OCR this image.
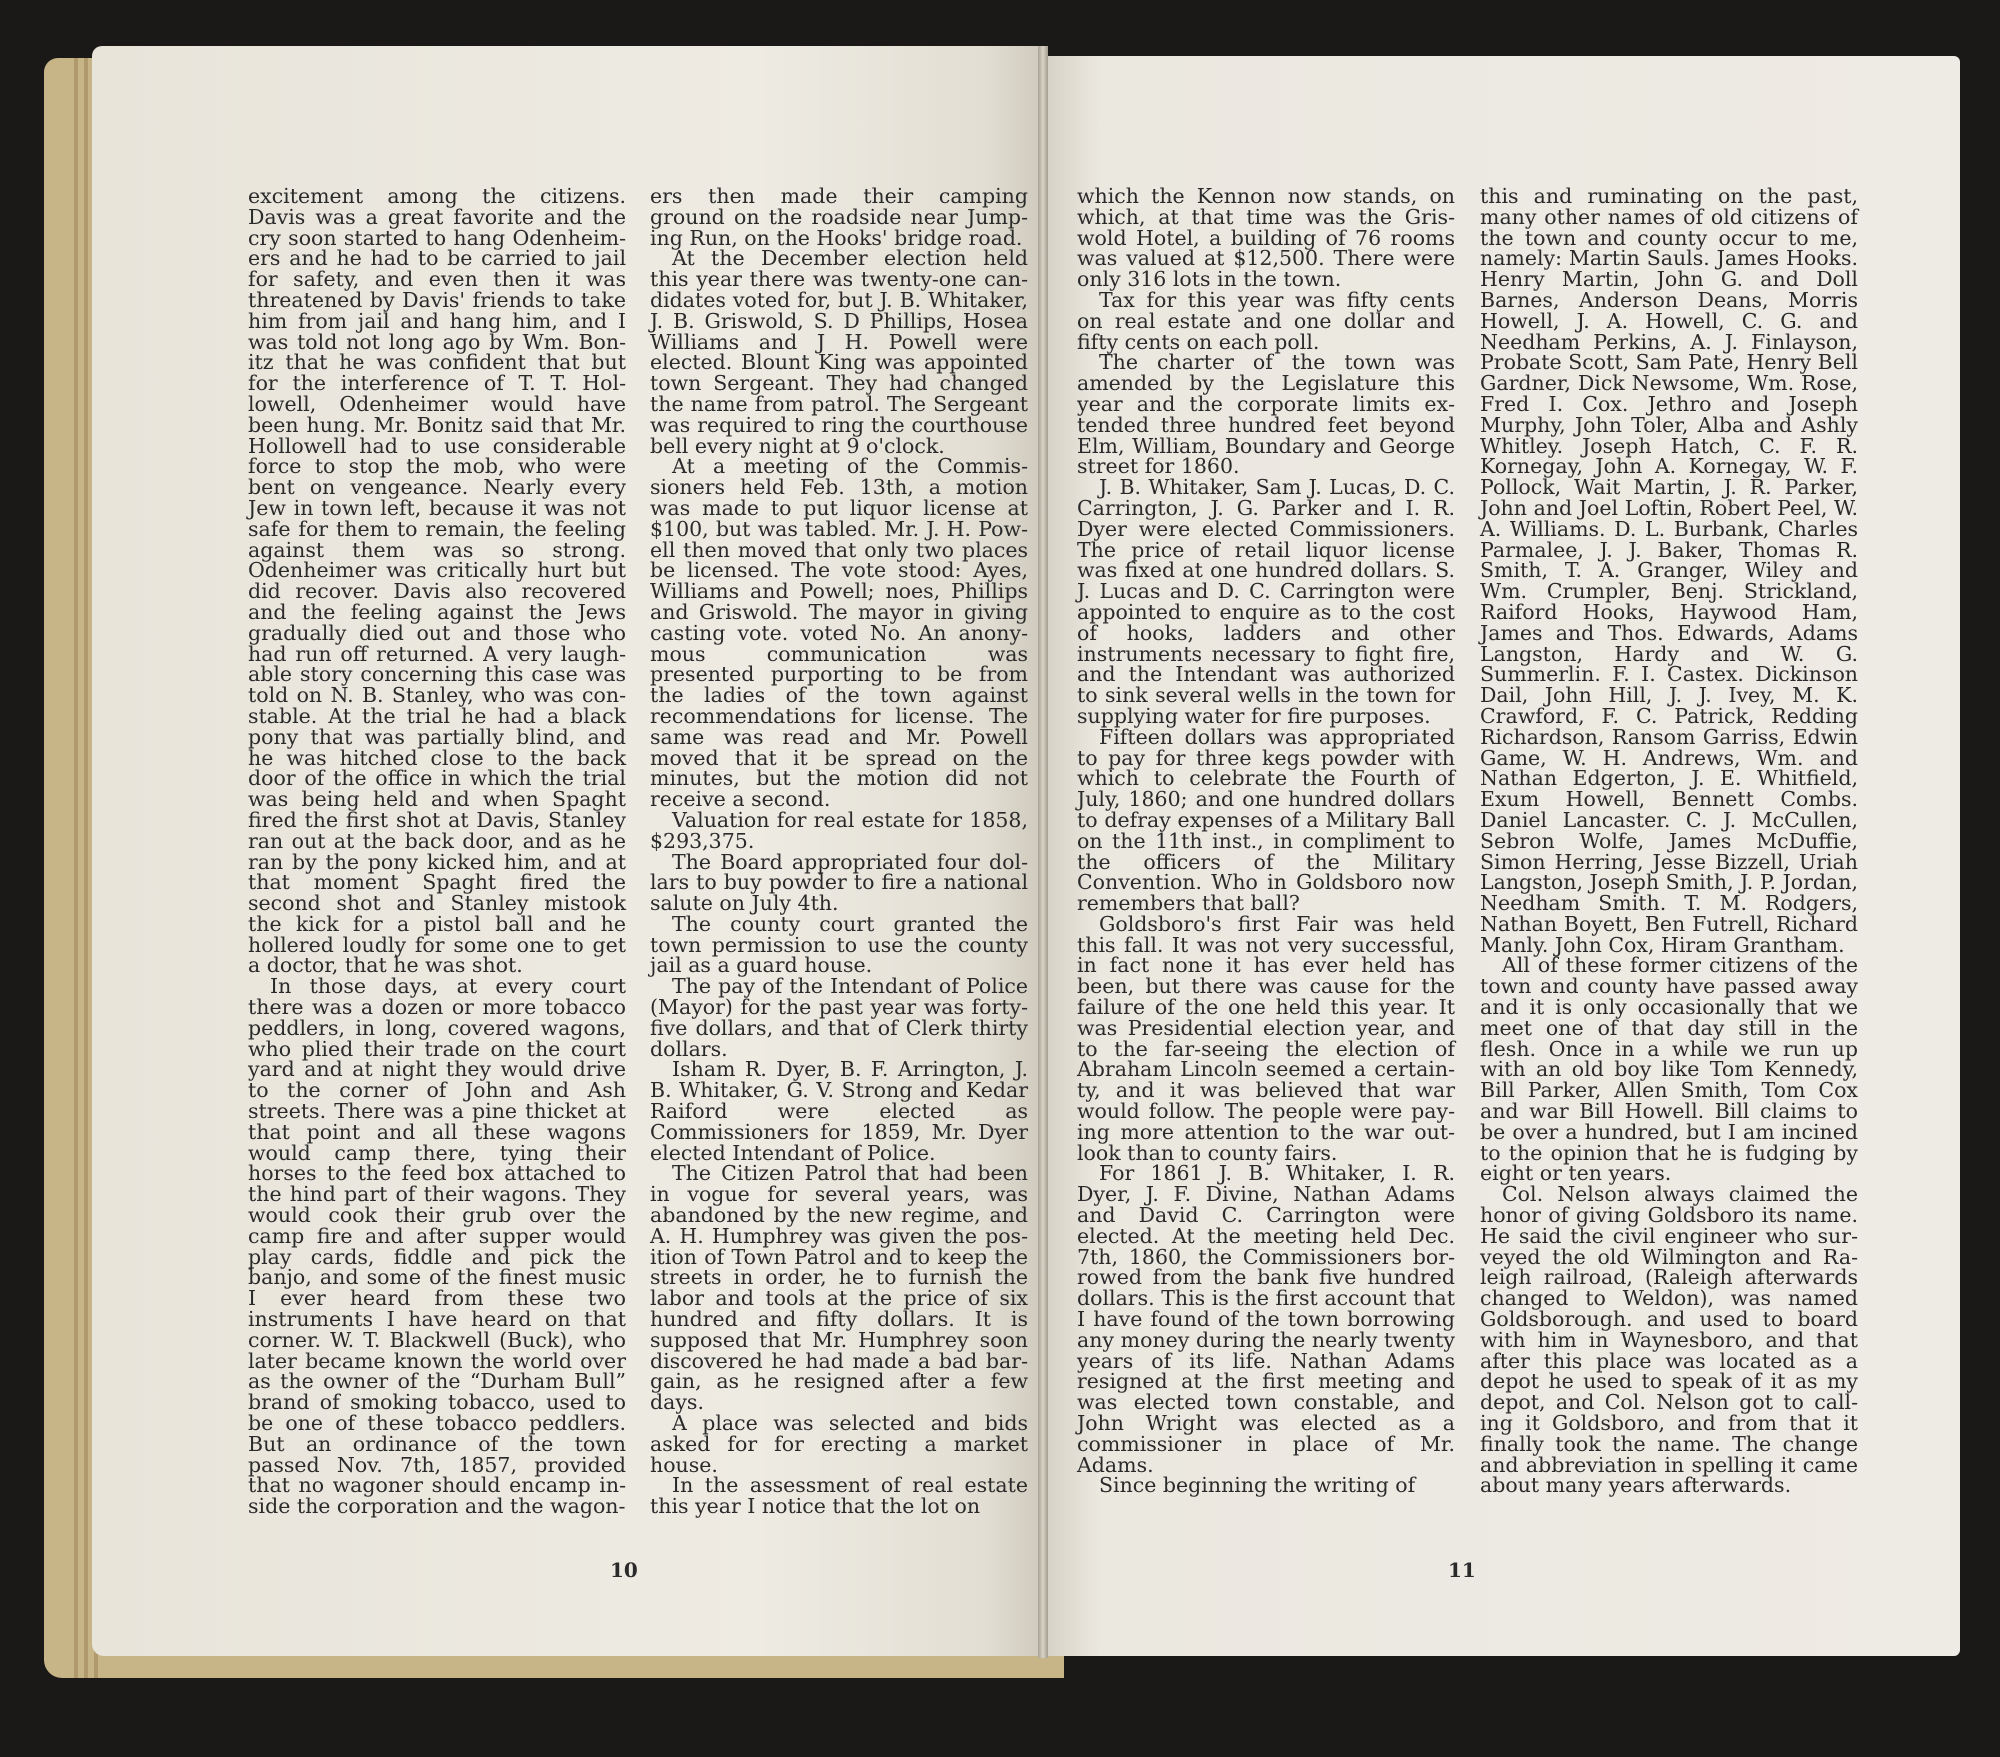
excitement among the citizens. Davis was a great favorite and the cry soon started to hang Odenheimers and he had to be carried to jail for safety, and even then it was threatened by Davis' friends to take him from jail and hang him, and I was told not long ago by Wm. Bonitz that he was confident that but for the interference of T. T. Hollowell, Odenheimer would have been hung. Mr. Bonitz said that Mr. Hollowell had to use considerable force to stop the mob, who were bent on vengeance. Nearly every Jew in town left, because it was not safe for them to remain, the feeling against them was so strong. Odenheimer was critically hurt but did recover. Davis also recovered and the feeling against the Jews gradually died out and those who had run off returned. A very laughable story concerning this case was told on N. B. Stanley, who was constable. At the trial he had a black pony that was partially blind, and he was hitched close to the back door of the office in which the trial was being held and when Spaght fired the first shot at Davis, Stanley ran out at the back door, and as he ran by the pony kicked him, and at that moment Spaght fired the second shot and Stanley mistook the kick for a pistol ball and he hollered loudly for some one to get a doctor, that he was shot.

In those days, at every court there was a dozen or more tobacco peddlers, in long, covered wagons, who plied their trade on the court yard and at night they would drive to the corner of John and Ash streets. There was a pine thicket at that point and all these wagons would camp there, tying their horses to the feed box attached to the hind part of their wagons. They would cook their grub over the camp fire and after supper would play cards, fiddle and pick the banjo, and some of the finest music I ever heard from these two instruments I have heard on that corner. W. T. Blackwell (Buck), who later became known the world over as the owner of the “Durham Bull” brand of smoking tobacco, used to be one of these tobacco peddlers. But an ordinance of the town passed Nov. 7th, 1857, provided that no wagoner should encamp inside the corporation and the wagon-

ers then made their camping ground on the roadside near Jumping Run, on the Hooks' bridge road.

At the December election held this year there was twenty-one candidates voted for, but J. B. Whitaker, J. B. Griswold, S. D Phillips, Hosea Williams and J H. Powell were elected. Blount King was appointed town Sergeant. They had changed the name from patrol. The Sergeant was required to ring the courthouse bell every night at 9 o'clock.

At a meeting of the Commissioners held Feb. 13th, a motion was made to put liquor license at $100, but was tabled. Mr. J. H. Powell then moved that only two places be licensed. The vote stood: Ayes, Williams and Powell; noes, Phillips and Griswold. The mayor in giving casting vote. voted No. An anonymous communication was presented purporting to be from the ladies of the town against recommendations for license. The same was read and Mr. Powell moved that it be spread on the minutes, but the motion did not receive a second.

Valuation for real estate for 1858, $293,375.

The Board appropriated four dollars to buy powder to fire a national salute on July 4th.

The county court granted the town permission to use the county jail as a guard house.

The pay of the Intendant of Police (Mayor) for the past year was forty-five dollars, and that of Clerk thirty dollars.

Isham R. Dyer, B. F. Arrington, J. B. Whitaker, G. V. Strong and Kedar Raiford were elected as Commissioners for 1859, Mr. Dyer elected Intendant of Police.

The Citizen Patrol that had been in vogue for several years, was abandoned by the new regime, and A. H. Humphrey was given the position of Town Patrol and to keep the streets in order, he to furnish the labor and tools at the price of six hundred and fifty dollars. It is supposed that Mr. Humphrey soon discovered he had made a bad bargain, as he resigned after a few days.

A place was selected and bids asked for for erecting a market house.

In the assessment of real estate this year I notice that the lot on

which the Kennon now stands, on which, at that time was the Griswold Hotel, a building of 76 rooms was valued at $12,500. There were only 316 lots in the town.

Tax for this year was fifty cents on real estate and one dollar and fifty cents on each poll.

The charter of the town was amended by the Legislature this year and the corporate limits extended three hundred feet beyond Elm, William, Boundary and George street for 1860.

J. B. Whitaker, Sam J. Lucas, D. C. Carrington, J. G. Parker and I. R. Dyer were elected Commissioners. The price of retail liquor license was fixed at one hundred dollars. S. J. Lucas and D. C. Carrington were appointed to enquire as to the cost of hooks, ladders and other instruments necessary to fight fire, and the Intendant was authorized to sink several wells in the town for supplying water for fire purposes.

Fifteen dollars was appropriated to pay for three kegs powder with which to celebrate the Fourth of July, 1860; and one hundred dollars to defray expenses of a Military Ball on the 11th inst., in compliment to the officers of the Military Convention. Who in Goldsboro now remembers that ball?

Goldsboro's first Fair was held this fall. It was not very successful, in fact none it has ever held has been, but there was cause for the failure of the one held this year. It was Presidential election year, and to the far-seeing the election of Abraham Lincoln seemed a certainty, and it was believed that war would follow. The people were paying more attention to the war outlook than to county fairs.

For 1861 J. B. Whitaker, I. R. Dyer, J. F. Divine, Nathan Adams and David C. Carrington were elected. At the meeting held Dec. 7th, 1860, the Commissioners borrowed from the bank five hundred dollars. This is the first account that I have found of the town borrowing any money during the nearly twenty years of its life. Nathan Adams resigned at the first meeting and was elected town constable, and John Wright was elected as a commissioner in place of Mr. Adams.

Since beginning the writing of

this and ruminating on the past, many other names of old citizens of the town and county occur to me, namely: Martin Sauls. James Hooks. Henry Martin, John G. and Doll Barnes, Anderson Deans, Morris Howell, J. A. Howell, C. G. and Needham Perkins, A. J. Finlayson, Probate Scott, Sam Pate, Henry Bell Gardner, Dick Newsome, Wm. Rose, Fred I. Cox. Jethro and Joseph Murphy, John Toler, Alba and Ashly Whitley. Joseph Hatch, C. F. R. Kornegay, John A. Kornegay, W. F. Pollock, Wait Martin, J. R. Parker, John and Joel Loftin, Robert Peel, W. A. Williams. D. L. Burbank, Charles Parmalee, J. J. Baker, Thomas R. Smith, T. A. Granger, Wiley and Wm. Crumpler, Benj. Strickland, Raiford Hooks, Haywood Ham, James and Thos. Edwards, Adams Langston, Hardy and W. G. Summerlin. F. I. Castex. Dickinson Dail, John Hill, J. J. Ivey, M. K. Crawford, F. C. Patrick, Redding Richardson, Ransom Garriss, Edwin Game, W. H. Andrews, Wm. and Nathan Edgerton, J. E. Whitfield, Exum Howell, Bennett Combs. Daniel Lancaster. C. J. McCullen, Sebron Wolfe, James McDuffie, Simon Herring, Jesse Bizzell, Uriah Langston, Joseph Smith, J. P. Jordan, Needham Smith. T. M. Rodgers, Nathan Boyett, Ben Futrell, Richard Manly. John Cox, Hiram Grantham.

All of these former citizens of the town and county have passed away and it is only occasionally that we meet one of that day still in the flesh. Once in a while we run up with an old boy like Tom Kennedy, Bill Parker, Allen Smith, Tom Cox and war Bill Howell. Bill claims to be over a hundred, but I am incined to the opinion that he is fudging by eight or ten years.

Col. Nelson always claimed the honor of giving Goldsboro its name. He said the civil engineer who surveyed the old Wilmington and Raleigh railroad, (Raleigh afterwards changed to Weldon), was named Goldsborough. and used to board with him in Waynesboro, and that after this place was located as a depot he used to speak of it as my depot, and Col. Nelson got to calling it Goldsboro, and from that it finally took the name. The change and abbreviation in spelling it came about many years afterwards.

10	11
